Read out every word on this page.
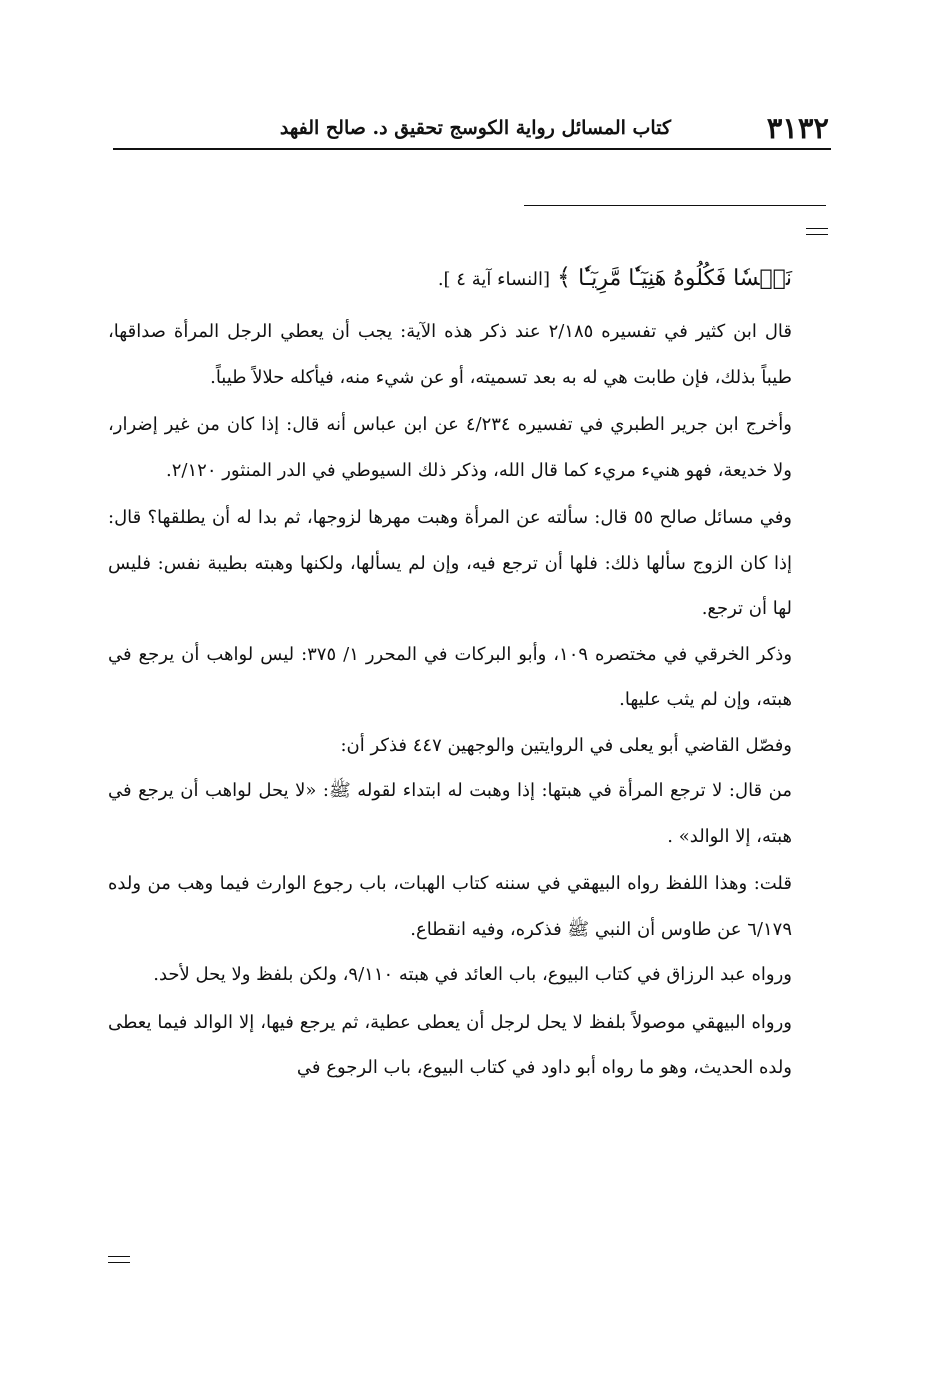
٣١٣٢
كتاب المسائل رواية الكوسج تحقيق د. صالح الفهد

نَفۡسٗا فَكُلُوهُ هَنِيٓـٔٗا مَّرِيٓـٔٗا ﴾ [النساء آية ٤ ].

قال ابن كثير في تفسيره ٢/١٨٥ عند ذكر هذه الآية: يجب أن يعطي الرجل المرأة صداقها، طيباً بذلك، فإن طابت هي له به بعد تسميته، أو عن شيء منه، فيأكله حلالاً طيباً.

وأخرج ابن جرير الطبري في تفسيره ٤/٢٣٤ عن ابن عباس أنه قال: إذا كان من غير إضرار، ولا خديعة، فهو هنيء مريء كما قال الله، وذكر ذلك السيوطي في الدر المنثور ٢/١٢٠.

وفي مسائل صالح ٥٥ قال: سألته عن المرأة وهبت مهرها لزوجها، ثم بدا له أن يطلقها؟ قال: إذا كان الزوج سألها ذلك: فلها أن ترجع فيه، وإن لم يسألها، ولكنها وهبته بطيبة نفس: فليس لها أن ترجع.

وذكر الخرقي في مختصره ١٠٩، وأبو البركات في المحرر ١/ ٣٧٥: ليس لواهب أن يرجع في هبته، وإن لم يثب عليها.

وفصّل القاضي أبو يعلى في الروايتين والوجهين ٤٤٧ فذكر أن:

من قال: لا ترجع المرأة في هبتها: إذا وهبت له ابتداء لقوله ﷺ: «لا يحل لواهب أن يرجع في هبته، إلا الوالد» .

قلت: وهذا اللفظ رواه البيهقي في سننه كتاب الهبات، باب رجوع الوارث فيما وهب من ولده ٦/١٧٩ عن طاوس أن النبي ﷺ فذكره، وفيه انقطاع.

ورواه عبد الرزاق في كتاب البيوع، باب العائد في هبته ٩/١١٠، ولكن بلفظ ولا يحل لأحد.

ورواه البيهقي موصولاً بلفظ لا يحل لرجل أن يعطى عطية، ثم يرجع فيها، إلا الوالد فيما يعطى ولده الحديث، وهو ما رواه أبو داود في كتاب البيوع، باب الرجوع في
